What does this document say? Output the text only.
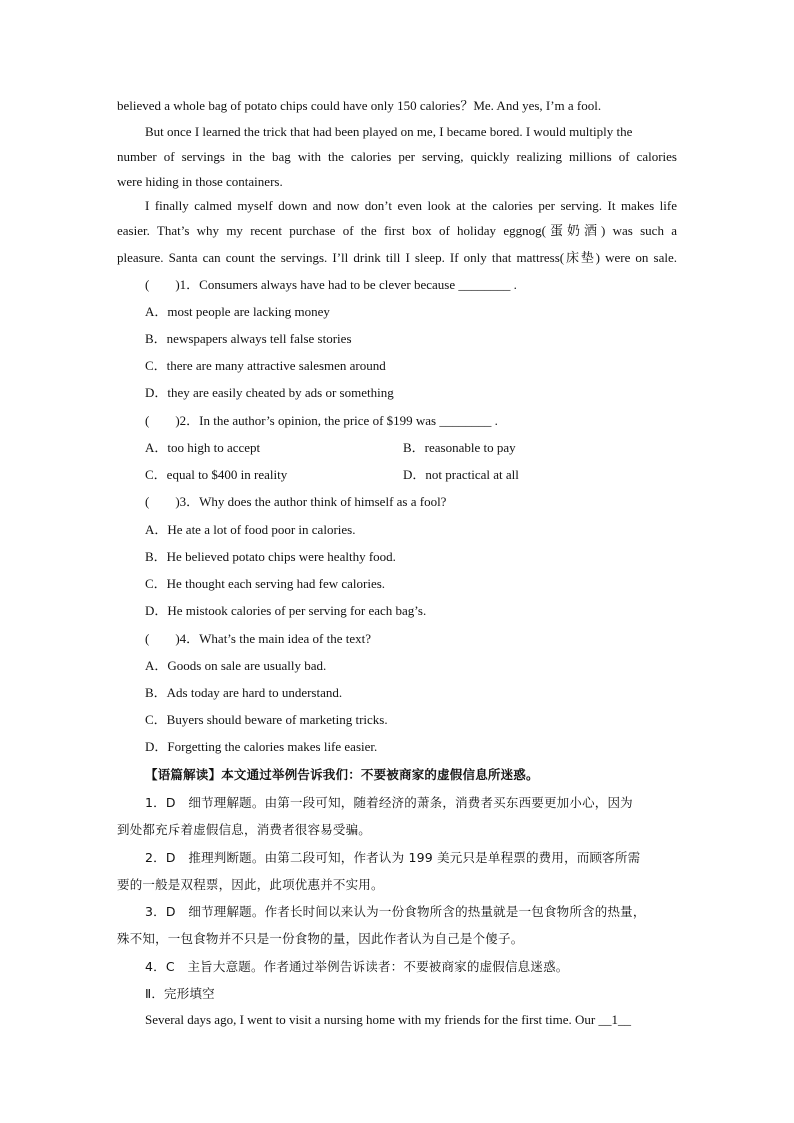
believed a whole bag of potato chips could have only 150 calories？Me. And yes, I’m a fool.
But once I learned the trick that had been played on me, I became bored. I would multiply the
number of servings in the bag with the calories per serving, quickly realizing millions of calories
were hiding in those containers.
I finally calmed myself down and now don’t even look at the calories per serving. It makes life
easier. That’s why my recent purchase of the first box of holiday eggnog(蛋奶酒) was such a
pleasure. Santa can count the servings. I’ll drink till I sleep. If only that mattress(床垫) were on sale.
(　　)1．Consumers always have had to be clever because ________ .
A．most people are lacking money
B．newspapers always tell false stories
C．there are many attractive salesmen around
D．they are easily cheated by ads or something
(　　)2．In the author’s opinion, the price of $199 was ________ .
A．too high to accept	B．reasonable to pay
C．equal to $400 in reality	D．not practical at all
(　　)3．Why does the author think of himself as a fool?
A．He ate a lot of food poor in calories.
B．He believed potato chips were healthy food.
C．He thought each serving had few calories.
D．He mistook calories of per serving for each bag’s.
(　　)4．What’s the main idea of the text?
A．Goods on sale are usually bad.
B．Ads today are hard to understand.
C．Buyers should beware of marketing tricks.
D．Forgetting the calories makes life easier.
【语篇解读】本文通过举例告诉我们：不要被商家的虚假信息所迷惑。
1．D　细节理解题。由第一段可知，随着经济的萧条，消费者买东西要更加小心，因为
到处都充斥着虚假信息，消费者很容易受骗。
2．D　推理判断题。由第二段可知，作者认为 199 美元只是单程票的费用，而顾客所需
要的一般是双程票，因此，此项优惠并不实用。
3．D　细节理解题。作者长时间以来认为一份食物所含的热量就是一包食物所含的热量，
殊不知，一包食物并不只是一份食物的量，因此作者认为自己是个傻子。
4．C　主旨大意题。作者通过举例告诉读者：不要被商家的虚假信息迷惑。
Ⅱ．完形填空
Several days ago, I went to visit a nursing home with my friends for the first time. Our __1__
